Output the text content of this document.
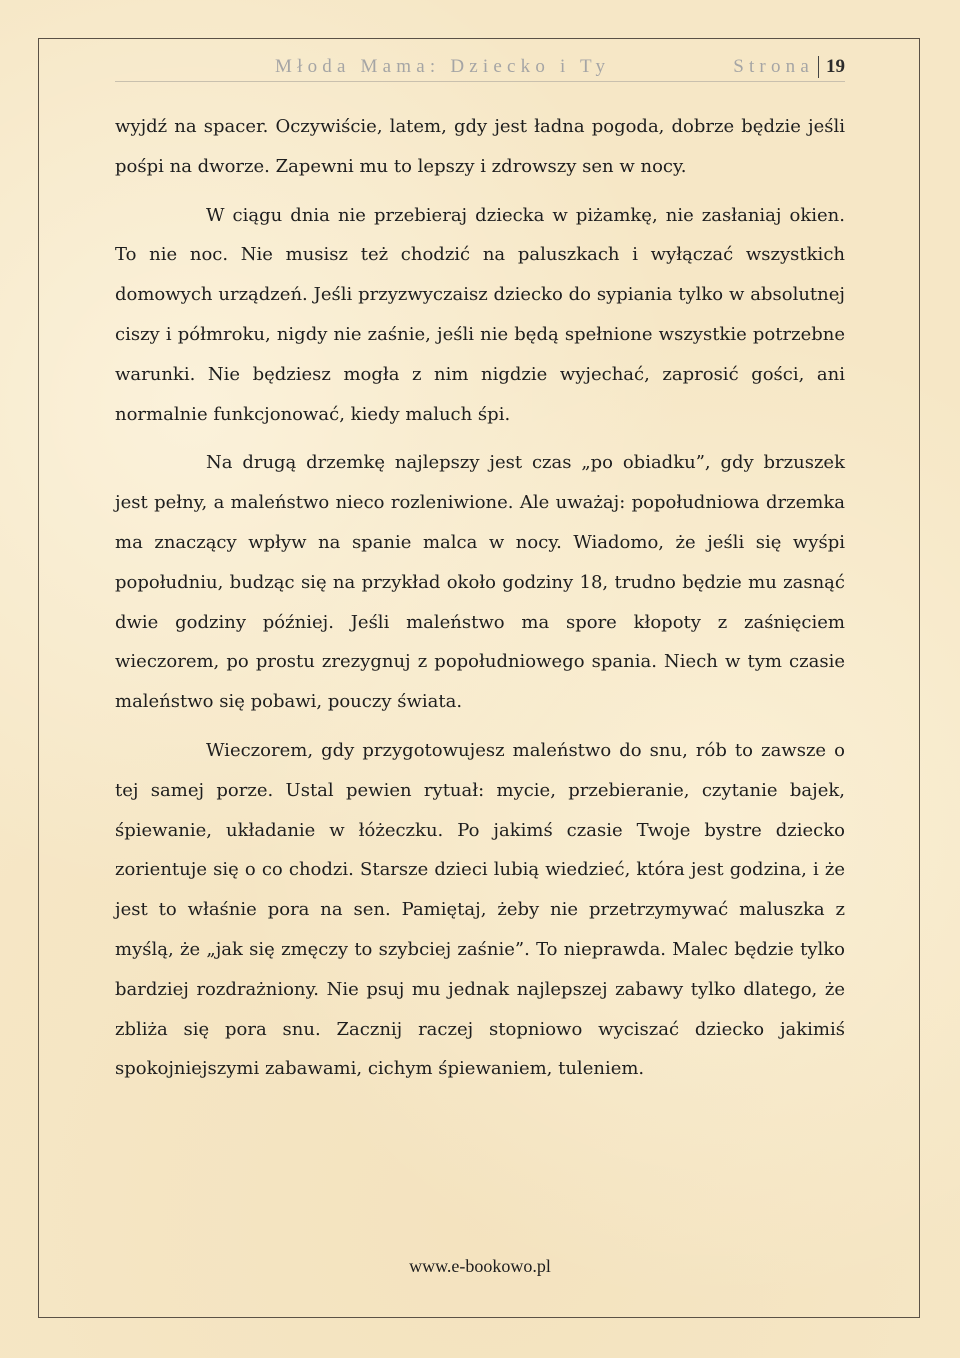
Młoda Mama: Dziecko i Ty	Strona 19

wyjdź na spacer. Oczywiście, latem, gdy jest ładna pogoda, dobrze będzie jeśli pośpi na dworze. Zapewni mu to lepszy i zdrowszy sen w nocy.

W ciągu dnia nie przebieraj dziecka w piżamkę, nie zasłaniaj okien. To nie noc. Nie musisz też chodzić na paluszkach i wyłączać wszystkich domowych urządzeń. Jeśli przyzwyczaisz dziecko do sypiania tylko w absolutnej ciszy i półmroku, nigdy nie zaśnie, jeśli nie będą spełnione wszystkie potrzebne warunki. Nie będziesz mogła z nim nigdzie wyjechać, zaprosić gości, ani normalnie funkcjonować, kiedy maluch śpi.

Na drugą drzemkę najlepszy jest czas „po obiadku”, gdy brzuszek jest pełny, a maleństwo nieco rozleniwione. Ale uważaj: popołudniowa drzemka ma znaczący wpływ na spanie malca w nocy. Wiadomo, że jeśli się wyśpi popołudniu, budząc się na przykład około godziny 18, trudno będzie mu zasnąć dwie godziny później. Jeśli maleństwo ma spore kłopoty z zaśnięciem wieczorem, po prostu zrezygnuj z popołudniowego spania. Niech w tym czasie maleństwo się pobawi, pouczy świata.

Wieczorem, gdy przygotowujesz maleństwo do snu, rób to zawsze o tej samej porze. Ustal pewien rytuał: mycie, przebieranie, czytanie bajek, śpiewanie, układanie w łóżeczku. Po jakimś czasie Twoje bystre dziecko zorientuje się o co chodzi. Starsze dzieci lubią wiedzieć, która jest godzina, i że jest to właśnie pora na sen. Pamiętaj, żeby nie przetrzymywać maluszka z myślą, że „jak się zmęczy to szybciej zaśnie”. To nieprawda. Malec będzie tylko bardziej rozdrażniony. Nie psuj mu jednak najlepszej zabawy tylko dlatego, że zbliża się pora snu. Zacznij raczej stopniowo wyciszać dziecko jakimiś spokojniejszymi zabawami, cichym śpiewaniem, tuleniem.

www.e-bookowo.pl
